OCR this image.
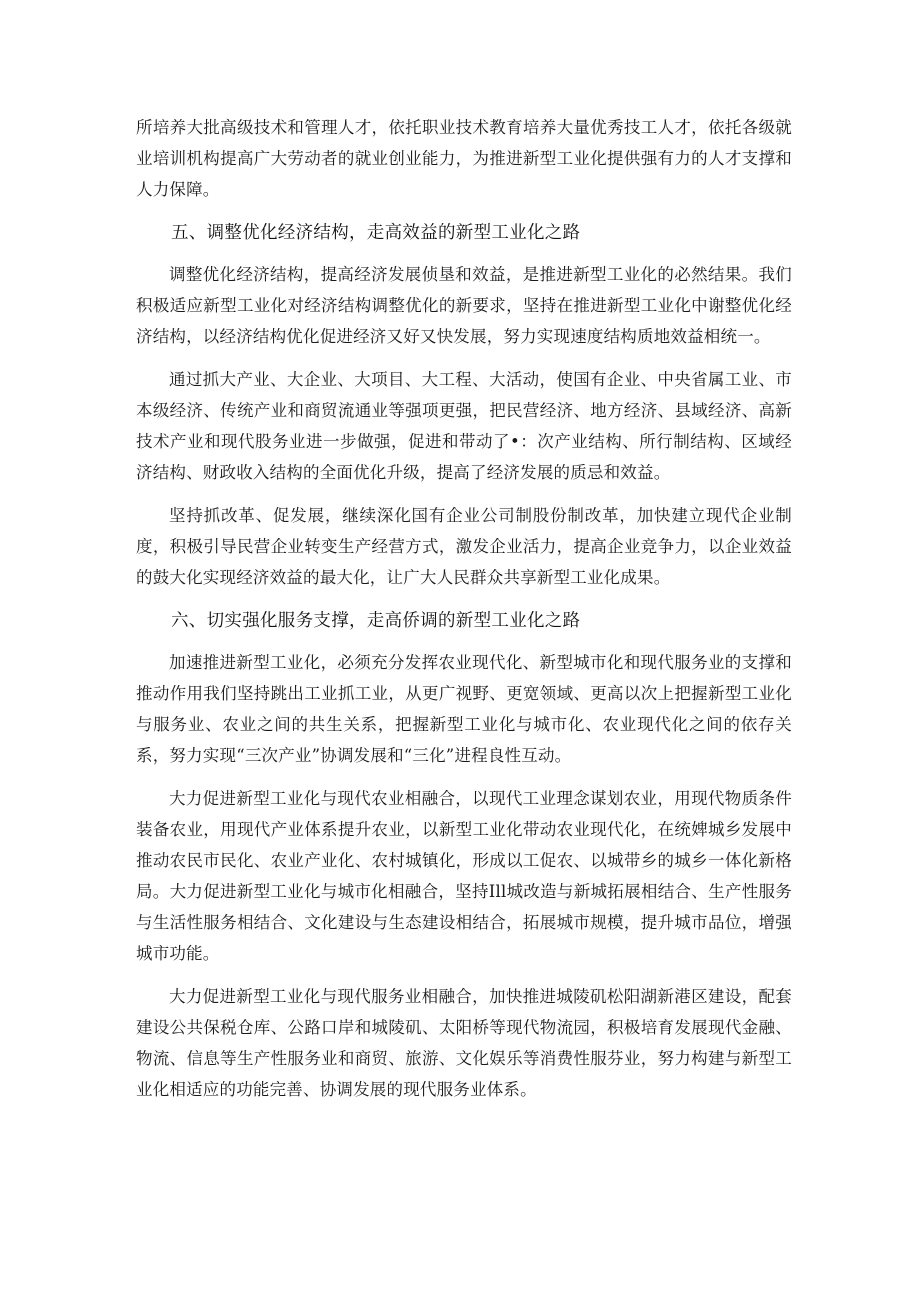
所培养大批高级技术和管理人才，依托职业技术教育培养大量优秀技工人才，依托各级就业培训机构提高广大劳动者的就业创业能力，为推进新型工业化提供强有力的人才支撑和人力保障。

五、调整优化经济结构，走高效益的新型工业化之路

调整优化经济结构，提高经济发展侦垦和效益，是推进新型工业化的必然结果。我们积极适应新型工业化对经济结构调整优化的新要求，坚持在推进新型工业化中谢整优化经济结构，以经济结构优化促进经济又好又快发展，努力实现速度结构质地效益相统一。

通过抓大产业、大企业、大项目、大工程、大活动，使国有企业、中央省属工业、市本级经济、传统产业和商贸流通业等强项更强，把民营经济、地方经济、县域经济、高新技术产业和现代股务业进一步做强，促进和带动了•：次产业结构、所行制结构、区域经济结构、财政收入结构的全面优化升级，提高了经济发展的质忌和效益。

坚持抓改革、促发展，继续深化国有企业公司制股份制改革，加快建立现代企业制度，积极引导民营企业转变生产经营方式，激发企业活力，提高企业竞争力，以企业效益的鼓大化实现经济效益的最大化，让广大人民群众共享新型工业化成果。

六、切实强化服务支撑，走高侨调的新型工业化之路

加速推进新型工业化，必须充分发挥农业现代化、新型城市化和现代服务业的支撑和推动作用我们坚持跳出工业抓工业，从更广视野、更宽领域、更高以次上把握新型工业化与服务业、农业之间的共生关系，把握新型工业化与城市化、农业现代化之间的依存关系，努力实现“三次产业”协调发展和“三化”进程良性互动。

大力促进新型工业化与现代农业相融合，以现代工业理念谋划农业，用现代物质条件装备农业，用现代产业体系提升农业，以新型工业化带动农业现代化，在统婢城乡发展中推动农民市民化、农业产业化、农村城镇化，形成以工促农、以城带乡的城乡一体化新格局。大力促进新型工业化与城市化相融合，坚持Ill城改造与新城拓展相结合、生产性服务与生活性服务相结合、文化建设与生态建设相结合，拓展城市规模，提升城市品位，增强城市功能。

大力促进新型工业化与现代服务业相融合，加快推进城陵矶松阳湖新港区建设，配套建设公共保税仓库、公路口岸和城陵矶、太阳桥等现代物流园，积极培育发展现代金融、物流、信息等生产性服务业和商贸、旅游、文化娱乐等消费性服芬业，努力构建与新型工业化相适应的功能完善、协调发展的现代服务业体系。
